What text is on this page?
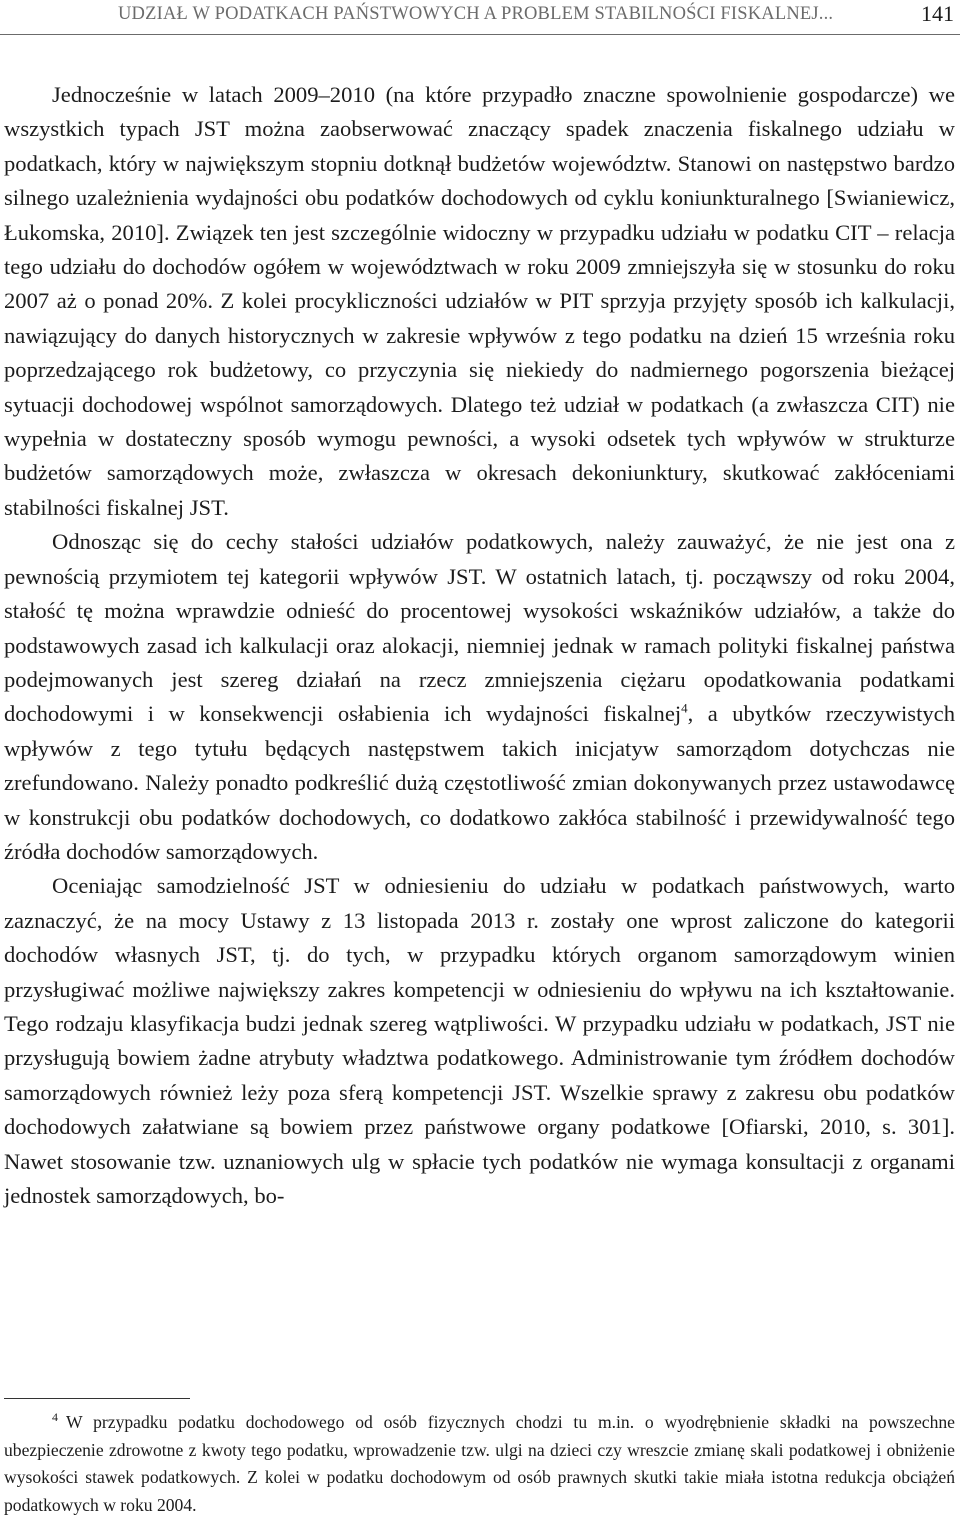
UDZIAŁ W PODATKACH PAŃSTWOWYCH A PROBLEM STABILNOŚCI FISKALNEJ...	141

Jednocześnie w latach 2009–2010 (na które przypadło znaczne spowolnienie gospodarcze) we wszystkich typach JST można zaobserwować znaczący spadek znaczenia fiskalnego udziału w podatkach, który w największym stopniu dotknął budżetów województw. Stanowi on następstwo bardzo silnego uzależnienia wydajności obu podatków dochodowych od cyklu koniunkturalnego [Swianiewicz, Łukomska, 2010]. Związek ten jest szczególnie widoczny w przypadku udziału w podatku CIT – relacja tego udziału do dochodów ogółem w województwach w roku 2009 zmniejszyła się w stosunku do roku 2007 aż o ponad 20%. Z kolei procykliczności udziałów w PIT sprzyja przyjęty sposób ich kalkulacji, nawiązujący do danych historycznych w zakresie wpływów z tego podatku na dzień 15 września roku poprzedzającego rok budżetowy, co przyczynia się niekiedy do nadmiernego pogorszenia bieżącej sytuacji dochodowej wspólnot samorządowych. Dlatego też udział w podatkach (a zwłaszcza CIT) nie wypełnia w dostateczny sposób wymogu pewności, a wysoki odsetek tych wpływów w strukturze budżetów samorządowych może, zwłaszcza w okresach dekoniunktury, skutkować zakłóceniami stabilności fiskalnej JST.

Odnosząc się do cechy stałości udziałów podatkowych, należy zauważyć, że nie jest ona z pewnością przymiotem tej kategorii wpływów JST. W ostatnich latach, tj. począwszy od roku 2004, stałość tę można wprawdzie odnieść do procentowej wysokości wskaźników udziałów, a także do podstawowych zasad ich kalkulacji oraz alokacji, niemniej jednak w ramach polityki fiskalnej państwa podejmowanych jest szereg działań na rzecz zmniejszenia ciężaru opodatkowania podatkami dochodowymi i w konsekwencji osłabienia ich wydajności fiskalnej$^4$, a ubytków rzeczywistych wpływów z tego tytułu będących następstwem takich inicjatyw samorządom dotychczas nie zrefundowano. Należy ponadto podkreślić dużą częstotliwość zmian dokonywanych przez ustawodawcę w konstrukcji obu podatków dochodowych, co dodatkowo zakłóca stabilność i przewidywalność tego źródła dochodów samorządowych.

Oceniając samodzielność JST w odniesieniu do udziału w podatkach państwowych, warto zaznaczyć, że na mocy Ustawy z 13 listopada 2013 r. zostały one wprost zaliczone do kategorii dochodów własnych JST, tj. do tych, w przypadku których organom samorządowym winien przysługiwać możliwe największy zakres kompetencji w odniesieniu do wpływu na ich kształtowanie. Tego rodzaju klasyfikacja budzi jednak szereg wątpliwości. W przypadku udziału w podatkach, JST nie przysługują bowiem żadne atrybuty władztwa podatkowego. Administrowanie tym źródłem dochodów samorządowych również leży poza sferą kompetencji JST. Wszelkie sprawy z zakresu obu podatków dochodowych załatwiane są bowiem przez państwowe organy podatkowe [Ofiarski, 2010, s. 301]. Nawet stosowanie tzw. uznaniowych ulg w spłacie tych podatków nie wymaga konsultacji z organami jednostek samorządowych, bo-

$^4$ W przypadku podatku dochodowego od osób fizycznych chodzi tu m.in. o wyodrębnienie składki na powszechne ubezpieczenie zdrowotne z kwoty tego podatku, wprowadzenie tzw. ulgi na dzieci czy wreszcie zmianę skali podatkowej i obniżenie wysokości stawek podatkowych. Z kolei w podatku dochodowym od osób prawnych skutki takie miała istotna redukcja obciążeń podatkowych w roku 2004.
